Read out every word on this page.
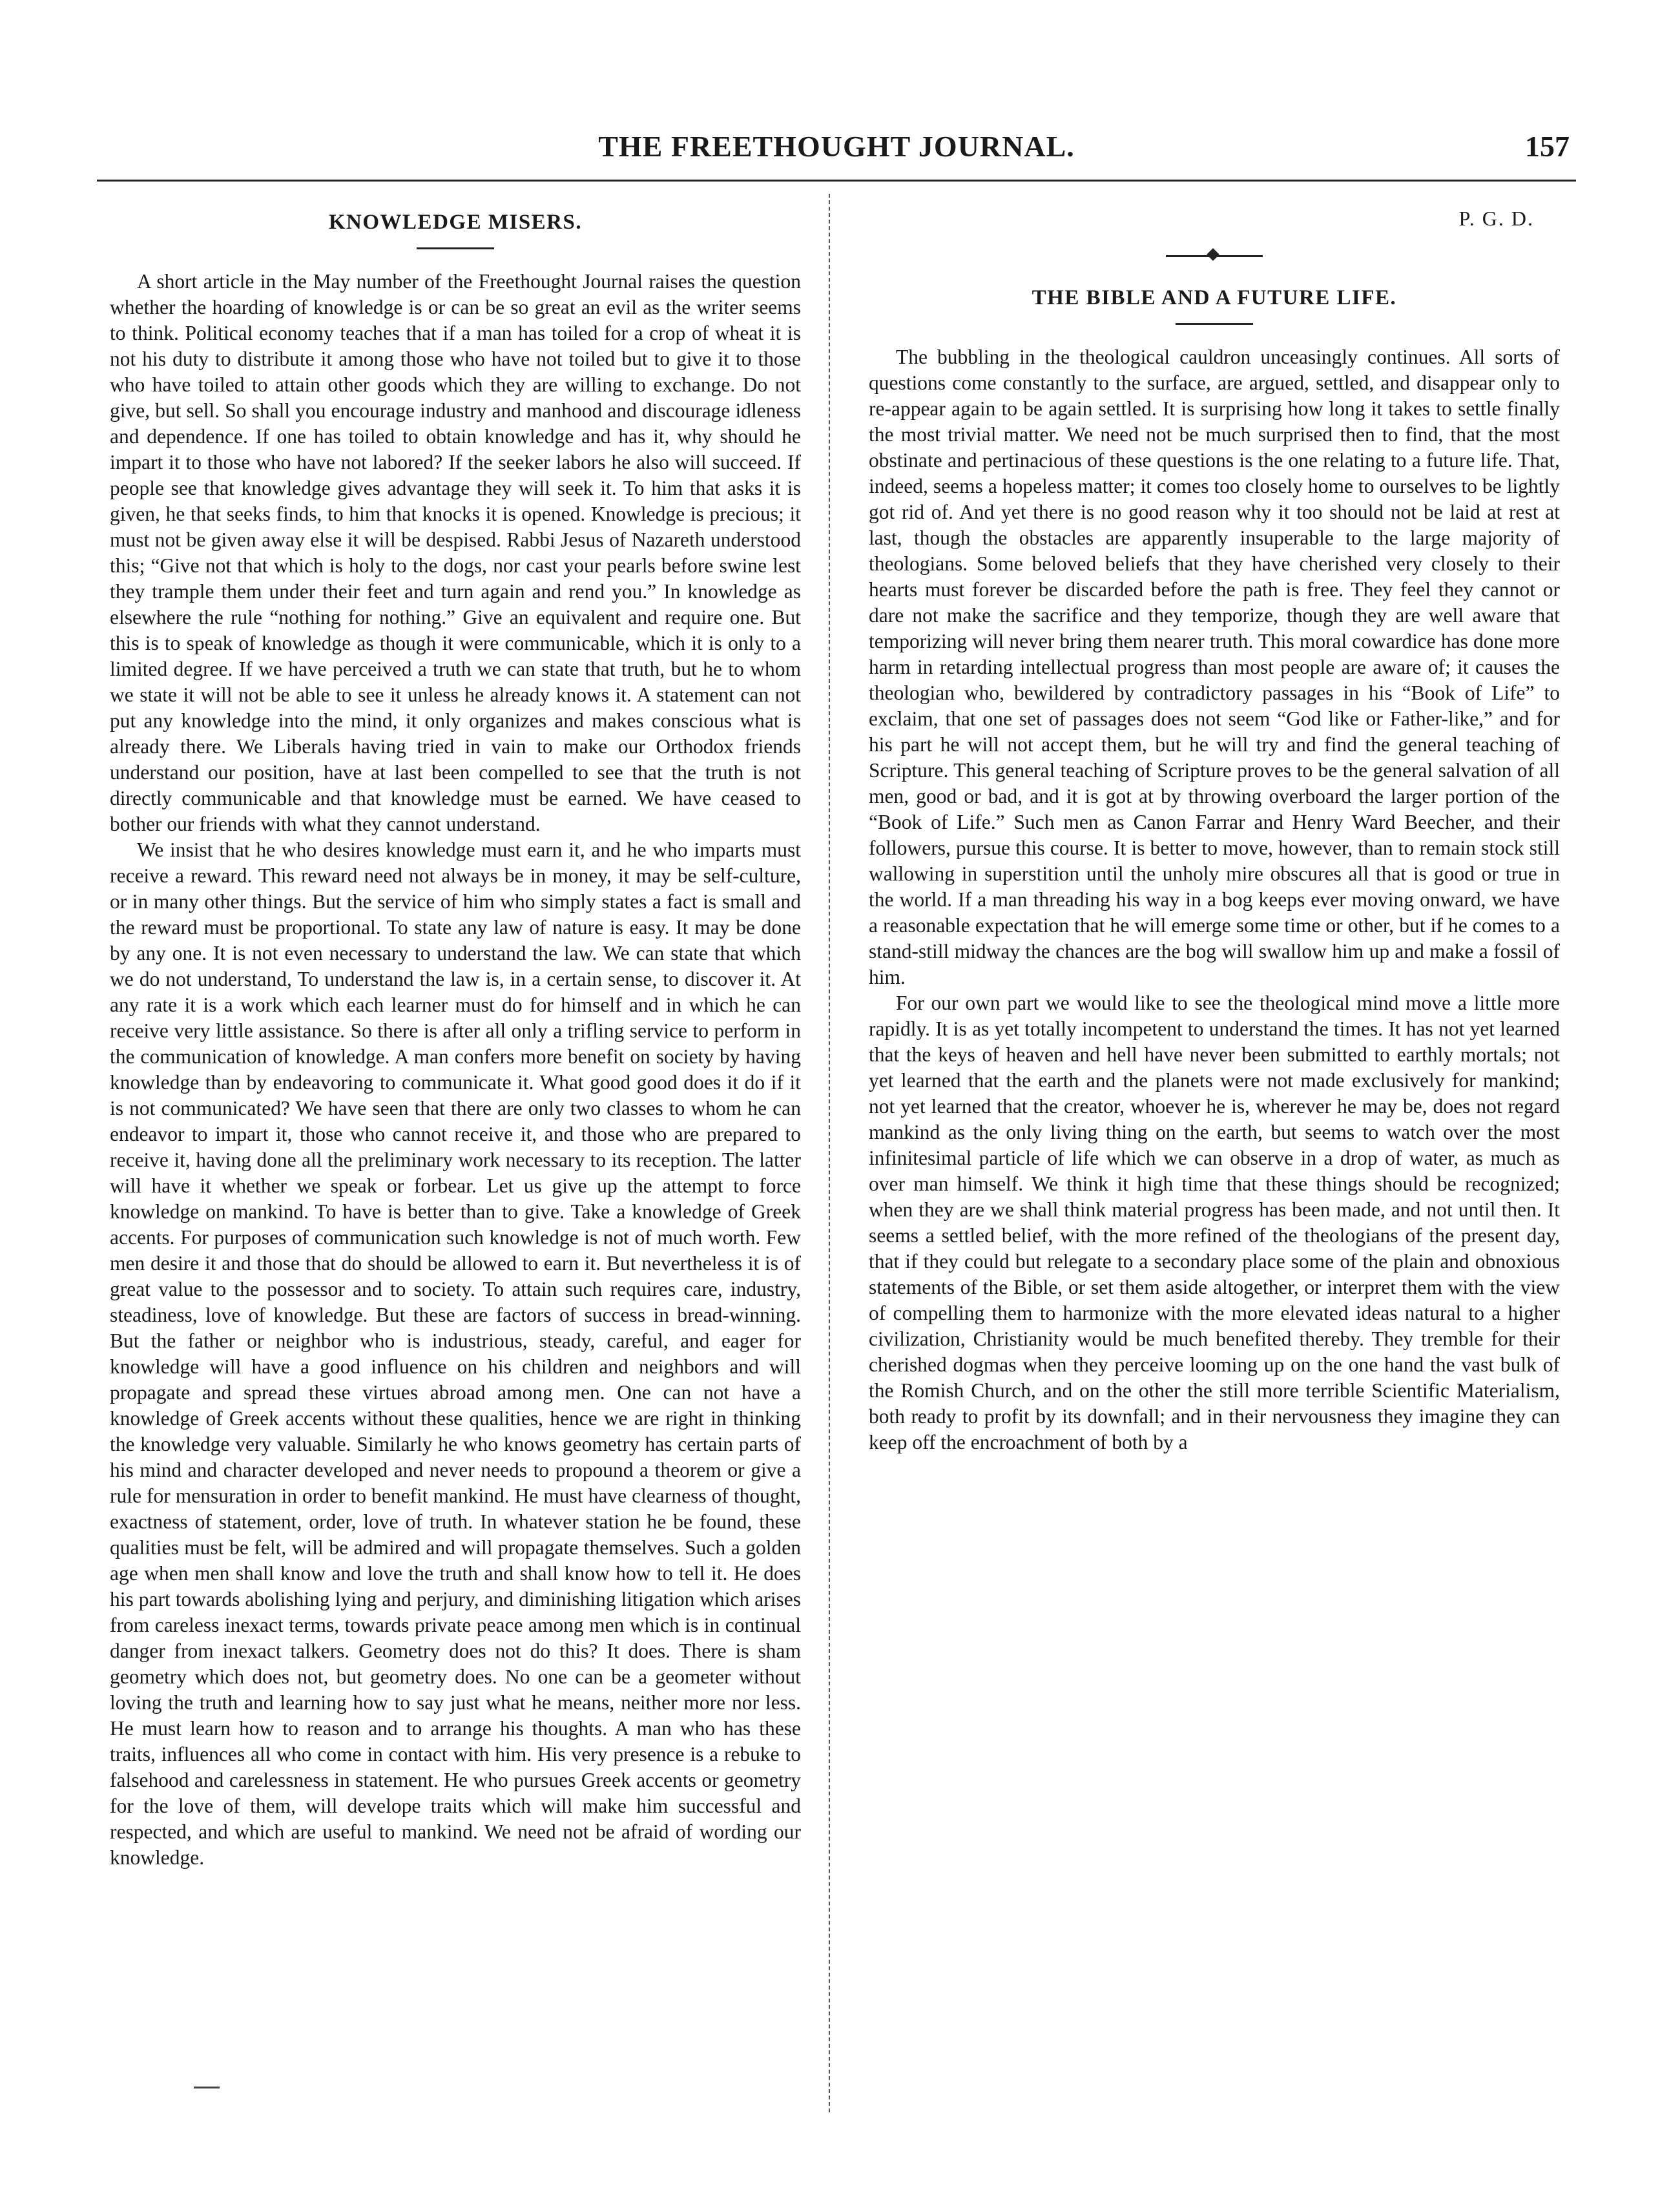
THE FREETHOUGHT JOURNAL.	157
KNOWLEDGE MISERS.

A short article in the May number of the Freethought Journal raises the question whether the hoarding of knowledge is or can be so great an evil as the writer seems to think. Political economy teaches that if a man has toiled for a crop of wheat it is not his duty to distribute it among those who have not toiled but to give it to those who have toiled to attain other goods which they are willing to exchange. Do not give, but sell. So shall you encourage industry and manhood and discourage idleness and dependence. If one has toiled to obtain knowledge and has it, why should he impart it to those who have not labored? If the seeker labors he also will succeed. If people see that knowledge gives advantage they will seek it. To him that asks it is given, he that seeks finds, to him that knocks it is opened. Knowledge is precious; it must not be given away else it will be despised. Rabbi Jesus of Nazareth understood this; “Give not that which is holy to the dogs, nor cast your pearls before swine lest they trample them under their feet and turn again and rend you.” In knowledge as elsewhere the rule “nothing for nothing.” Give an equivalent and require one. But this is to speak of knowledge as though it were communicable, which it is only to a limited degree. If we have perceived a truth we can state that truth, but he to whom we state it will not be able to see it unless he already knows it. A statement can not put any knowledge into the mind, it only organizes and makes conscious what is already there. We Liberals having tried in vain to make our Orthodox friends understand our position, have at last been compelled to see that the truth is not directly communicable and that knowledge must be earned. We have ceased to bother our friends with what they cannot understand.

We insist that he who desires knowledge must earn it, and he who imparts must receive a reward. This reward need not always be in money, it may be self-culture, or in many other things. But the service of him who simply states a fact is small and the reward must be proportional. To state any law of nature is easy. It may be done by any one. It is not even necessary to understand the law. We can state that which we do not understand, To understand the law is, in a certain sense, to discover it. At any rate it is a work which each learner must do for himself and in which he can receive very little assistance. So there is after all only a trifling service to perform in the communication of knowledge. A man confers more benefit on society by having knowledge than by endeavoring to communicate it. What good good does it do if it is not communicated? We have seen that there are only two classes to whom he can endeavor to impart it, those who cannot receive it, and those who are prepared to receive it, having done all the preliminary work necessary to its reception. The latter will have it whether we speak or forbear. Let us give up the attempt to force knowledge on mankind. To have is better than to give. Take a knowledge of Greek accents. For purposes of communication such knowledge is not of much worth. Few men desire it and those that do should be allowed to earn it. But nevertheless it is of great value to the possessor and to society. To attain such requires care, industry, steadiness, love of knowledge. But these are factors of success in bread-winning. But the father or neighbor who is industrious, steady, careful, and eager for knowledge will have a good influence on his children and neighbors and will propagate and spread these virtues abroad among men. One can not have a knowledge of Greek accents without these qualities, hence we are right in thinking the knowledge very valuable. Similarly he who knows geometry has certain parts of his mind and character developed and never needs to propound a theorem or give a rule for mensuration in order to benefit mankind. He must have clearness of thought, exactness of statement, order, love of truth. In whatever station he be found, these qualities must be felt, will be admired and will propagate themselves. Such a golden age when men shall know and love the truth and shall know how to tell it. He does his part towards abolishing lying and perjury, and diminishing litigation which arises from careless inexact terms, towards private peace among men which is in continual danger from inexact talkers. Geometry does not do this? It does. There is sham geometry which does not, but geometry does. No one can be a geometer without loving the truth and learning how to say just what he means, neither more nor less. He must learn how to reason and to arrange his thoughts. A man who has these traits, influences all who come in contact with him. His very presence is a rebuke to falsehood and carelessness in statement. He who pursues Greek accents or geometry for the love of them, will develope traits which will make him successful and respected, and which are useful to mankind. We need not be afraid of wording our knowledge.

P. G. D.
THE BIBLE AND A FUTURE LIFE.

The bubbling in the theological cauldron unceasingly continues. All sorts of questions come constantly to the surface, are argued, settled, and disappear only to re-appear again to be again settled. It is surprising how long it takes to settle finally the most trivial matter. We need not be much surprised then to find, that the most obstinate and pertinacious of these questions is the one relating to a future life. That, indeed, seems a hopeless matter; it comes too closely home to ourselves to be lightly got rid of. And yet there is no good reason why it too should not be laid at rest at last, though the obstacles are apparently insuperable to the large majority of theologians. Some beloved beliefs that they have cherished very closely to their hearts must forever be discarded before the path is free. They feel they cannot or dare not make the sacrifice and they temporize, though they are well aware that temporizing will never bring them nearer truth. This moral cowardice has done more harm in retarding intellectual progress than most people are aware of; it causes the theologian who, bewildered by contradictory passages in his “Book of Life” to exclaim, that one set of passages does not seem “God like or Father-like,” and for his part he will not accept them, but he will try and find the general teaching of Scripture. This general teaching of Scripture proves to be the general salvation of all men, good or bad, and it is got at by throwing overboard the larger portion of the “Book of Life.” Such men as Canon Farrar and Henry Ward Beecher, and their followers, pursue this course. It is better to move, however, than to remain stock still wallowing in superstition until the unholy mire obscures all that is good or true in the world. If a man threading his way in a bog keeps ever moving onward, we have a reasonable expectation that he will emerge some time or other, but if he comes to a stand-still midway the chances are the bog will swallow him up and make a fossil of him.

For our own part we would like to see the theological mind move a little more rapidly. It is as yet totally incompetent to understand the times. It has not yet learned that the keys of heaven and hell have never been submitted to earthly mortals; not yet learned that the earth and the planets were not made exclusively for mankind; not yet learned that the creator, whoever he is, wherever he may be, does not regard mankind as the only living thing on the earth, but seems to watch over the most infinitesimal particle of life which we can observe in a drop of water, as much as over man himself. We think it high time that these things should be recognized; when they are we shall think material progress has been made, and not until then. It seems a settled belief, with the more refined of the theologians of the present day, that if they could but relegate to a secondary place some of the plain and obnoxious statements of the Bible, or set them aside altogether, or interpret them with the view of compelling them to harmonize with the more elevated ideas natural to a higher civilization, Christianity would be much benefited thereby. They tremble for their cherished dogmas when they perceive looming up on the one hand the vast bulk of the Romish Church, and on the other the still more terrible Scientific Materialism, both ready to profit by its downfall; and in their nervousness they imagine they can keep off the encroachment of both by a
